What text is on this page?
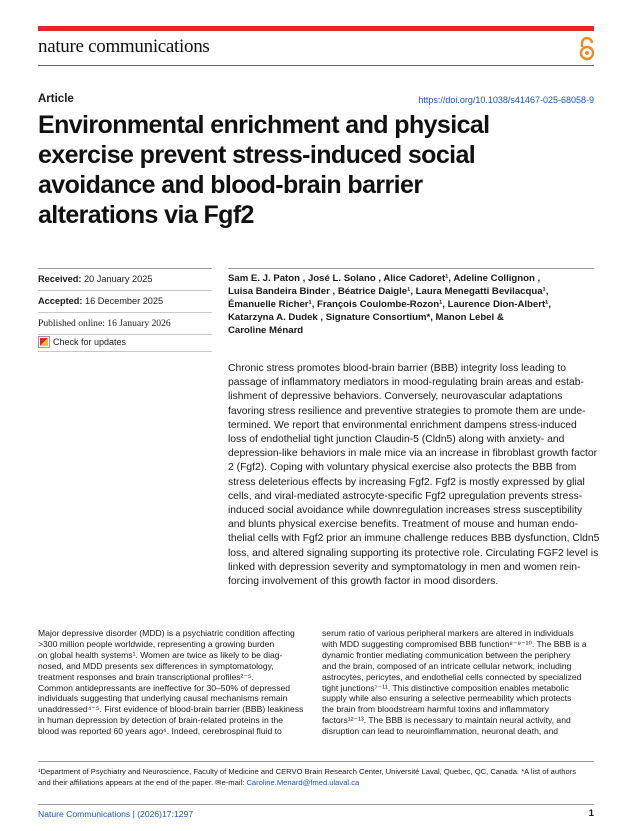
nature communications
Article	https://doi.org/10.1038/s41467-025-68058-9
Environmental enrichment and physical
exercise prevent stress-induced social
avoidance and blood-brain barrier
alterations via Fgf2
Received: 20 January 2025
Accepted: 16 December 2025
Published online: 16 January 2026
Check for updates
Sam E. J. Paton , José L. Solano , Alice Cadoret¹, Adeline Collignon ,
Luisa Bandeira Binder , Béatrice Daigle¹, Laura Menegatti Bevilacqua¹,
Émanuelle Richer¹, François Coulombe-Rozon¹, Laurence Dion-Albert¹,
Katarzyna A. Dudek , Signature Consortium*, Manon Lebel &
Caroline Ménard
Chronic stress promotes blood-brain barrier (BBB) integrity loss leading to
passage of inflammatory mediators in mood-regulating brain areas and estab-
lishment of depressive behaviors. Conversely, neurovascular adaptations
favoring stress resilience and preventive strategies to promote them are unde-
termined. We report that environmental enrichment dampens stress-induced
loss of endothelial tight junction Claudin-5 (Cldn5) along with anxiety- and
depression-like behaviors in male mice via an increase in fibroblast growth factor
2 (Fgf2). Coping with voluntary physical exercise also protects the BBB from
stress deleterious effects by increasing Fgf2. Fgf2 is mostly expressed by glial
cells, and viral-mediated astrocyte-specific Fgf2 upregulation prevents stress-
induced social avoidance while downregulation increases stress susceptibility
and blunts physical exercise benefits. Treatment of mouse and human endo-
thelial cells with Fgf2 prior an immune challenge reduces BBB dysfunction, Cldn5
loss, and altered signaling supporting its protective role. Circulating FGF2 level is
linked with depression severity and symptomatology in men and women rein-
forcing involvement of this growth factor in mood disorders.
Major depressive disorder (MDD) is a psychiatric condition affecting
>300 million people worldwide, representing a growing burden
on global health systems¹. Women are twice as likely to be diag-
nosed, and MDD presents sex differences in symptomatology,
treatment responses and brain transcriptional profiles²⁻⁵.
Common antidepressants are ineffective for 30–50% of depressed
individuals suggesting that underlying causal mechanisms remain
unaddressed⁴⁻⁵. First evidence of blood-brain barrier (BBB) leakiness
in human depression by detection of brain-related proteins in the
blood was reported 60 years ago⁶. Indeed, cerebrospinal fluid to
serum ratio of various peripheral markers are altered in individuals
with MDD suggesting compromised BBB function⁸⁻⁹⁻¹⁰. The BBB is a
dynamic frontier mediating communication between the periphery
and the brain, composed of an intricate cellular network, including
astrocytes, pericytes, and endothelial cells connected by specialized
tight junctions⁷⁻¹¹. This distinctive composition enables metabolic
supply while also ensuring a selective permeability which protects
the brain from bloodstream harmful toxins and inflammatory
factors¹²⁻¹³. The BBB is necessary to maintain neural activity, and
disruption can lead to neuroinflammation, neuronal death, and
¹Department of Psychiatry and Neuroscience, Faculty of Medicine and CERVO Brain Research Center, Université Laval, Quebec, QC, Canada. *A list of authors
and their affiliations appears at the end of the paper. ✉e-mail: Caroline.Menard@fmed.ulaval.ca
Nature Communications | (2026)17:1297	1
